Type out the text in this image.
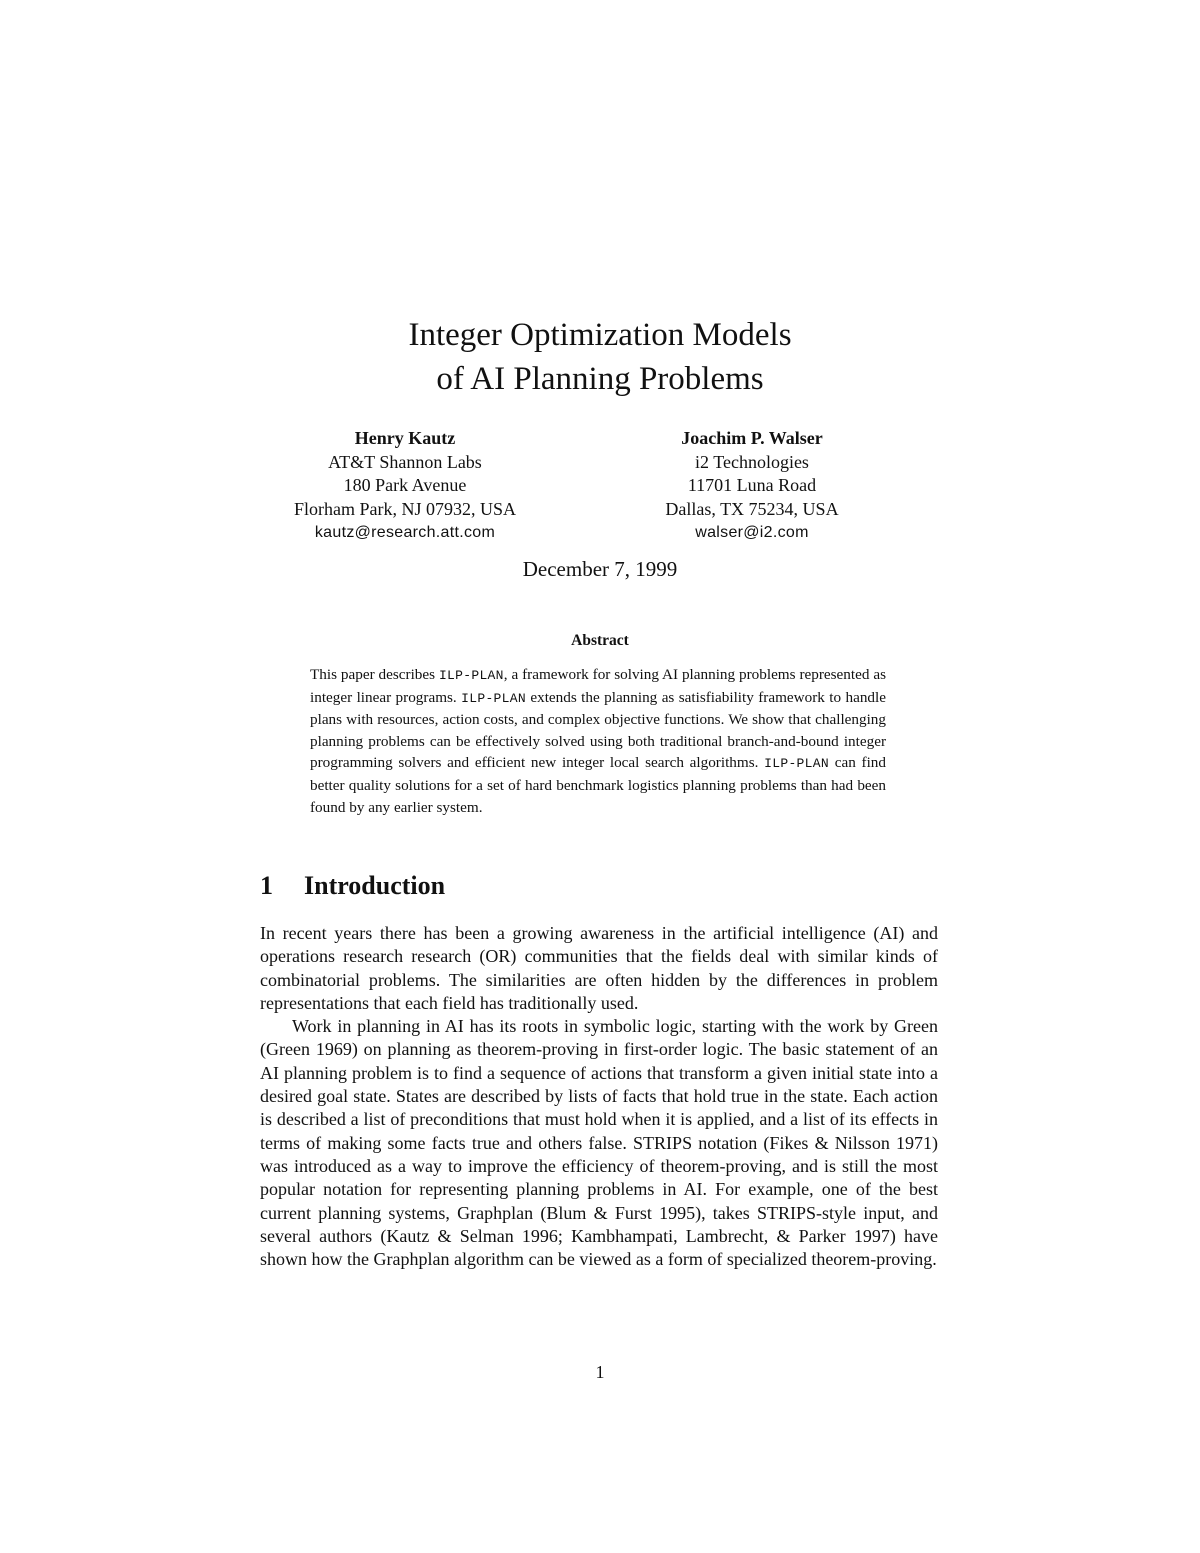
Integer Optimization Models
of AI Planning Problems
Henry Kautz
AT&T Shannon Labs
180 Park Avenue
Florham Park, NJ 07932, USA
kautz@research.att.com
Joachim P. Walser
i2 Technologies
11701 Luna Road
Dallas, TX 75234, USA
walser@i2.com
December 7, 1999
Abstract
This paper describes ILP-PLAN, a framework for solving AI planning problems represented as integer linear programs. ILP-PLAN extends the planning as satisfiability framework to handle plans with resources, action costs, and complex objective functions. We show that challenging planning problems can be effectively solved using both traditional branch-and-bound integer programming solvers and efficient new integer local search algorithms. ILP-PLAN can find better quality solutions for a set of hard benchmark logistics planning problems than had been found by any earlier system.
1 Introduction

In recent years there has been a growing awareness in the artificial intelligence (AI) and operations research research (OR) communities that the fields deal with similar kinds of combinatorial problems. The similarities are often hidden by the differences in problem representations that each field has traditionally used.

Work in planning in AI has its roots in symbolic logic, starting with the work by Green (Green 1969) on planning as theorem-proving in first-order logic. The basic statement of an AI planning problem is to find a sequence of actions that transform a given initial state into a desired goal state. States are described by lists of facts that hold true in the state. Each action is described a list of preconditions that must hold when it is applied, and a list of its effects in terms of making some facts true and others false. STRIPS notation (Fikes & Nilsson 1971) was introduced as a way to improve the efficiency of theorem-proving, and is still the most popular notation for representing planning problems in AI. For example, one of the best current planning systems, Graphplan (Blum & Furst 1995), takes STRIPS-style input, and several authors (Kautz & Selman 1996; Kambhampati, Lambrecht, & Parker 1997) have shown how the Graphplan algorithm can be viewed as a form of specialized theorem-proving.

1
